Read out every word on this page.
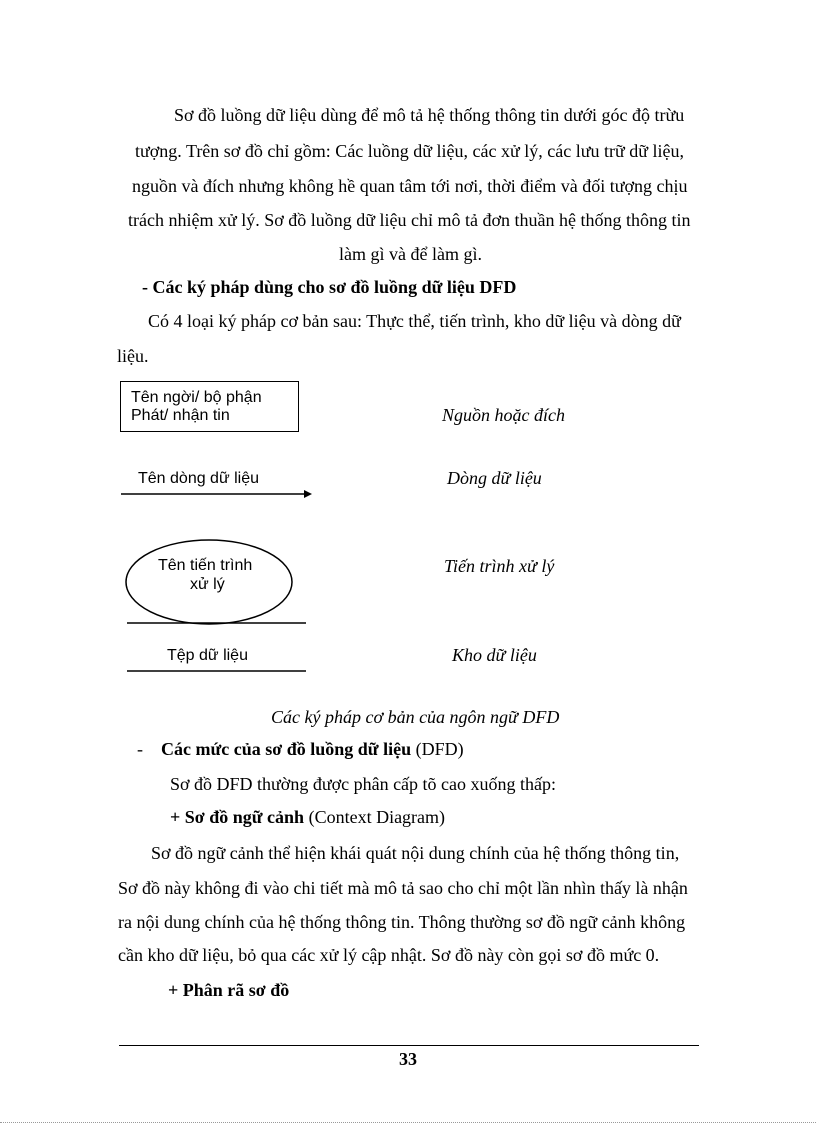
Sơ đồ luồng dữ liệu dùng để mô tả hệ thống thông tin dưới góc độ trừu
tượng. Trên sơ đồ chỉ gồm: Các luồng dữ liệu, các xử lý, các lưu trữ dữ liệu,
nguồn và đích nhưng không hề quan tâm tới nơi, thời điểm và đối tượng chịu
trách nhiệm xử lý. Sơ đồ luồng dữ liệu chỉ mô tả đơn thuần hệ thống thông tin
làm gì và để làm gì.
- Các ký pháp dùng cho sơ đồ luồng dữ liệu DFD
Có 4 loại ký pháp cơ bản sau: Thực thể, tiến trình, kho dữ liệu và dòng dữ
liệu.
Tên ngời/ bộ phận
Phát/ nhận tin	Nguồn hoặc đích
Tên dòng dữ liệu	Dòng dữ liệu
Tên tiến trình
xử lý
Tiến trình xử lý
Tệp dữ liệu	Kho dữ liệu
Các ký pháp cơ bản của ngôn ngữ DFD
- Các mức của sơ đồ luồng dữ liệu (DFD)
Sơ đồ DFD thường được phân cấp tõ cao xuống thấp:
+ Sơ đồ ngữ cảnh (Context Diagram)
Sơ đồ ngữ cảnh thể hiện khái quát nội dung chính của hệ thống thông tin,
Sơ đồ này không đi vào chi tiết mà mô tả sao cho chỉ một lần nhìn thấy là nhận
ra nội dung chính của hệ thống thông tin. Thông thường sơ đồ ngữ cảnh không
cần kho dữ liệu, bỏ qua các xử lý cập nhật. Sơ đồ này còn gọi sơ đồ mức 0.
+ Phân rã sơ đồ
33
